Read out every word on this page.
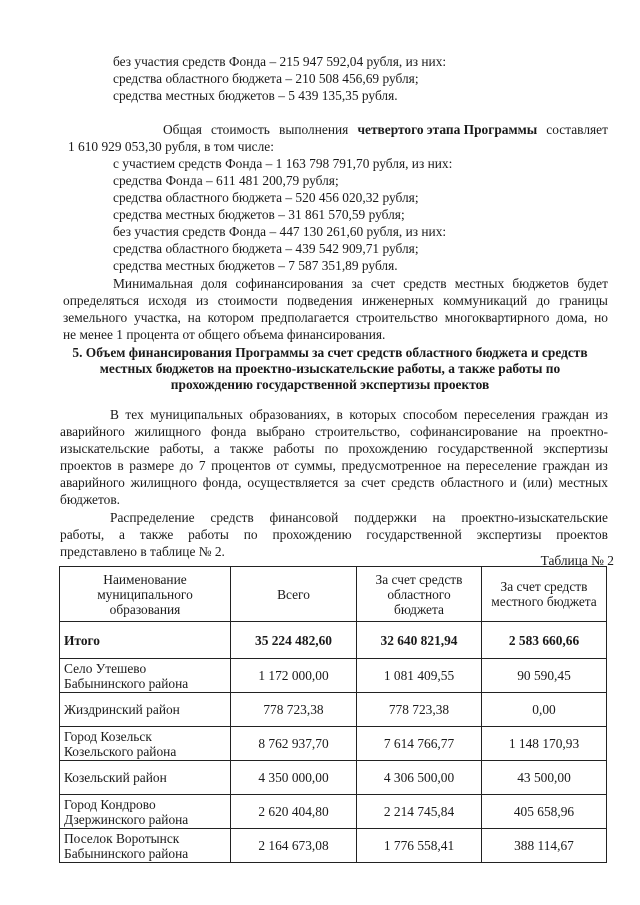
без участия средств Фонда – 215 947 592,04 рубля, из них:
средства областного бюджета – 210 508 456,69 рубля;
средства местных бюджетов – 5 439 135,35 рубля.
Общая стоимость выполнения четвертого этапа Программы составляет
1 610 929 053,30 рубля, в том числе:
с участием средств Фонда – 1 163 798 791,70 рубля, из них:
средства Фонда – 611 481 200,79 рубля;
средства областного бюджета – 520 456 020,32 рубля;
средства местных бюджетов – 31 861 570,59 рубля;
без участия средств Фонда – 447 130 261,60 рубля, из них:
средства областного бюджета – 439 542 909,71 рубля;
средства местных бюджетов – 7 587 351,89 рубля.
Минимальная доля софинансирования за счет средств местных бюджетов будет
определяться исходя из стоимости подведения инженерных коммуникаций до границы
земельного участка, на котором предполагается строительство многоквартирного дома, но
не менее 1 процента от общего объема финансирования.
5. Объем финансирования Программы за счет средств областного бюджета и средств
местных бюджетов на проектно-изыскательские работы, а также работы по
прохождению государственной экспертизы проектов
В тех муниципальных образованиях, в которых способом переселения граждан из
аварийного жилищного фонда выбрано строительство, софинансирование на проектно-
изыскательские работы, а также работы по прохождению государственной экспертизы
проектов в размере до 7 процентов от суммы, предусмотренное на переселение граждан из
аварийного жилищного фонда, осуществляется за счет средств областного и (или) местных
бюджетов.
Распределение средств финансовой поддержки на проектно-изыскательские
работы, а также работы по прохождению государственной экспертизы проектов
представлено в таблице № 2.
Таблица № 2
Наименование муниципального образования	Всего	За счет средств областного бюджета	За счет средств местного бюджета
Итого	35 224 482,60	32 640 821,94	2 583 660,66

Село Утешево
Бабынинского района	1 172 000,00	1 081 409,55	90 590,45

Жиздринский район	778 723,38	778 723,38	0,00

Город Козельск
Козельского района	8 762 937,70	7 614 766,77	1 148 170,93

Козельский район	4 350 000,00	4 306 500,00	43 500,00

Город Кондрово
Дзержинского района	2 620 404,80	2 214 745,84	405 658,96

Поселок Воротынск
Бабынинского района	2 164 673,08	1 776 558,41	388 114,67
